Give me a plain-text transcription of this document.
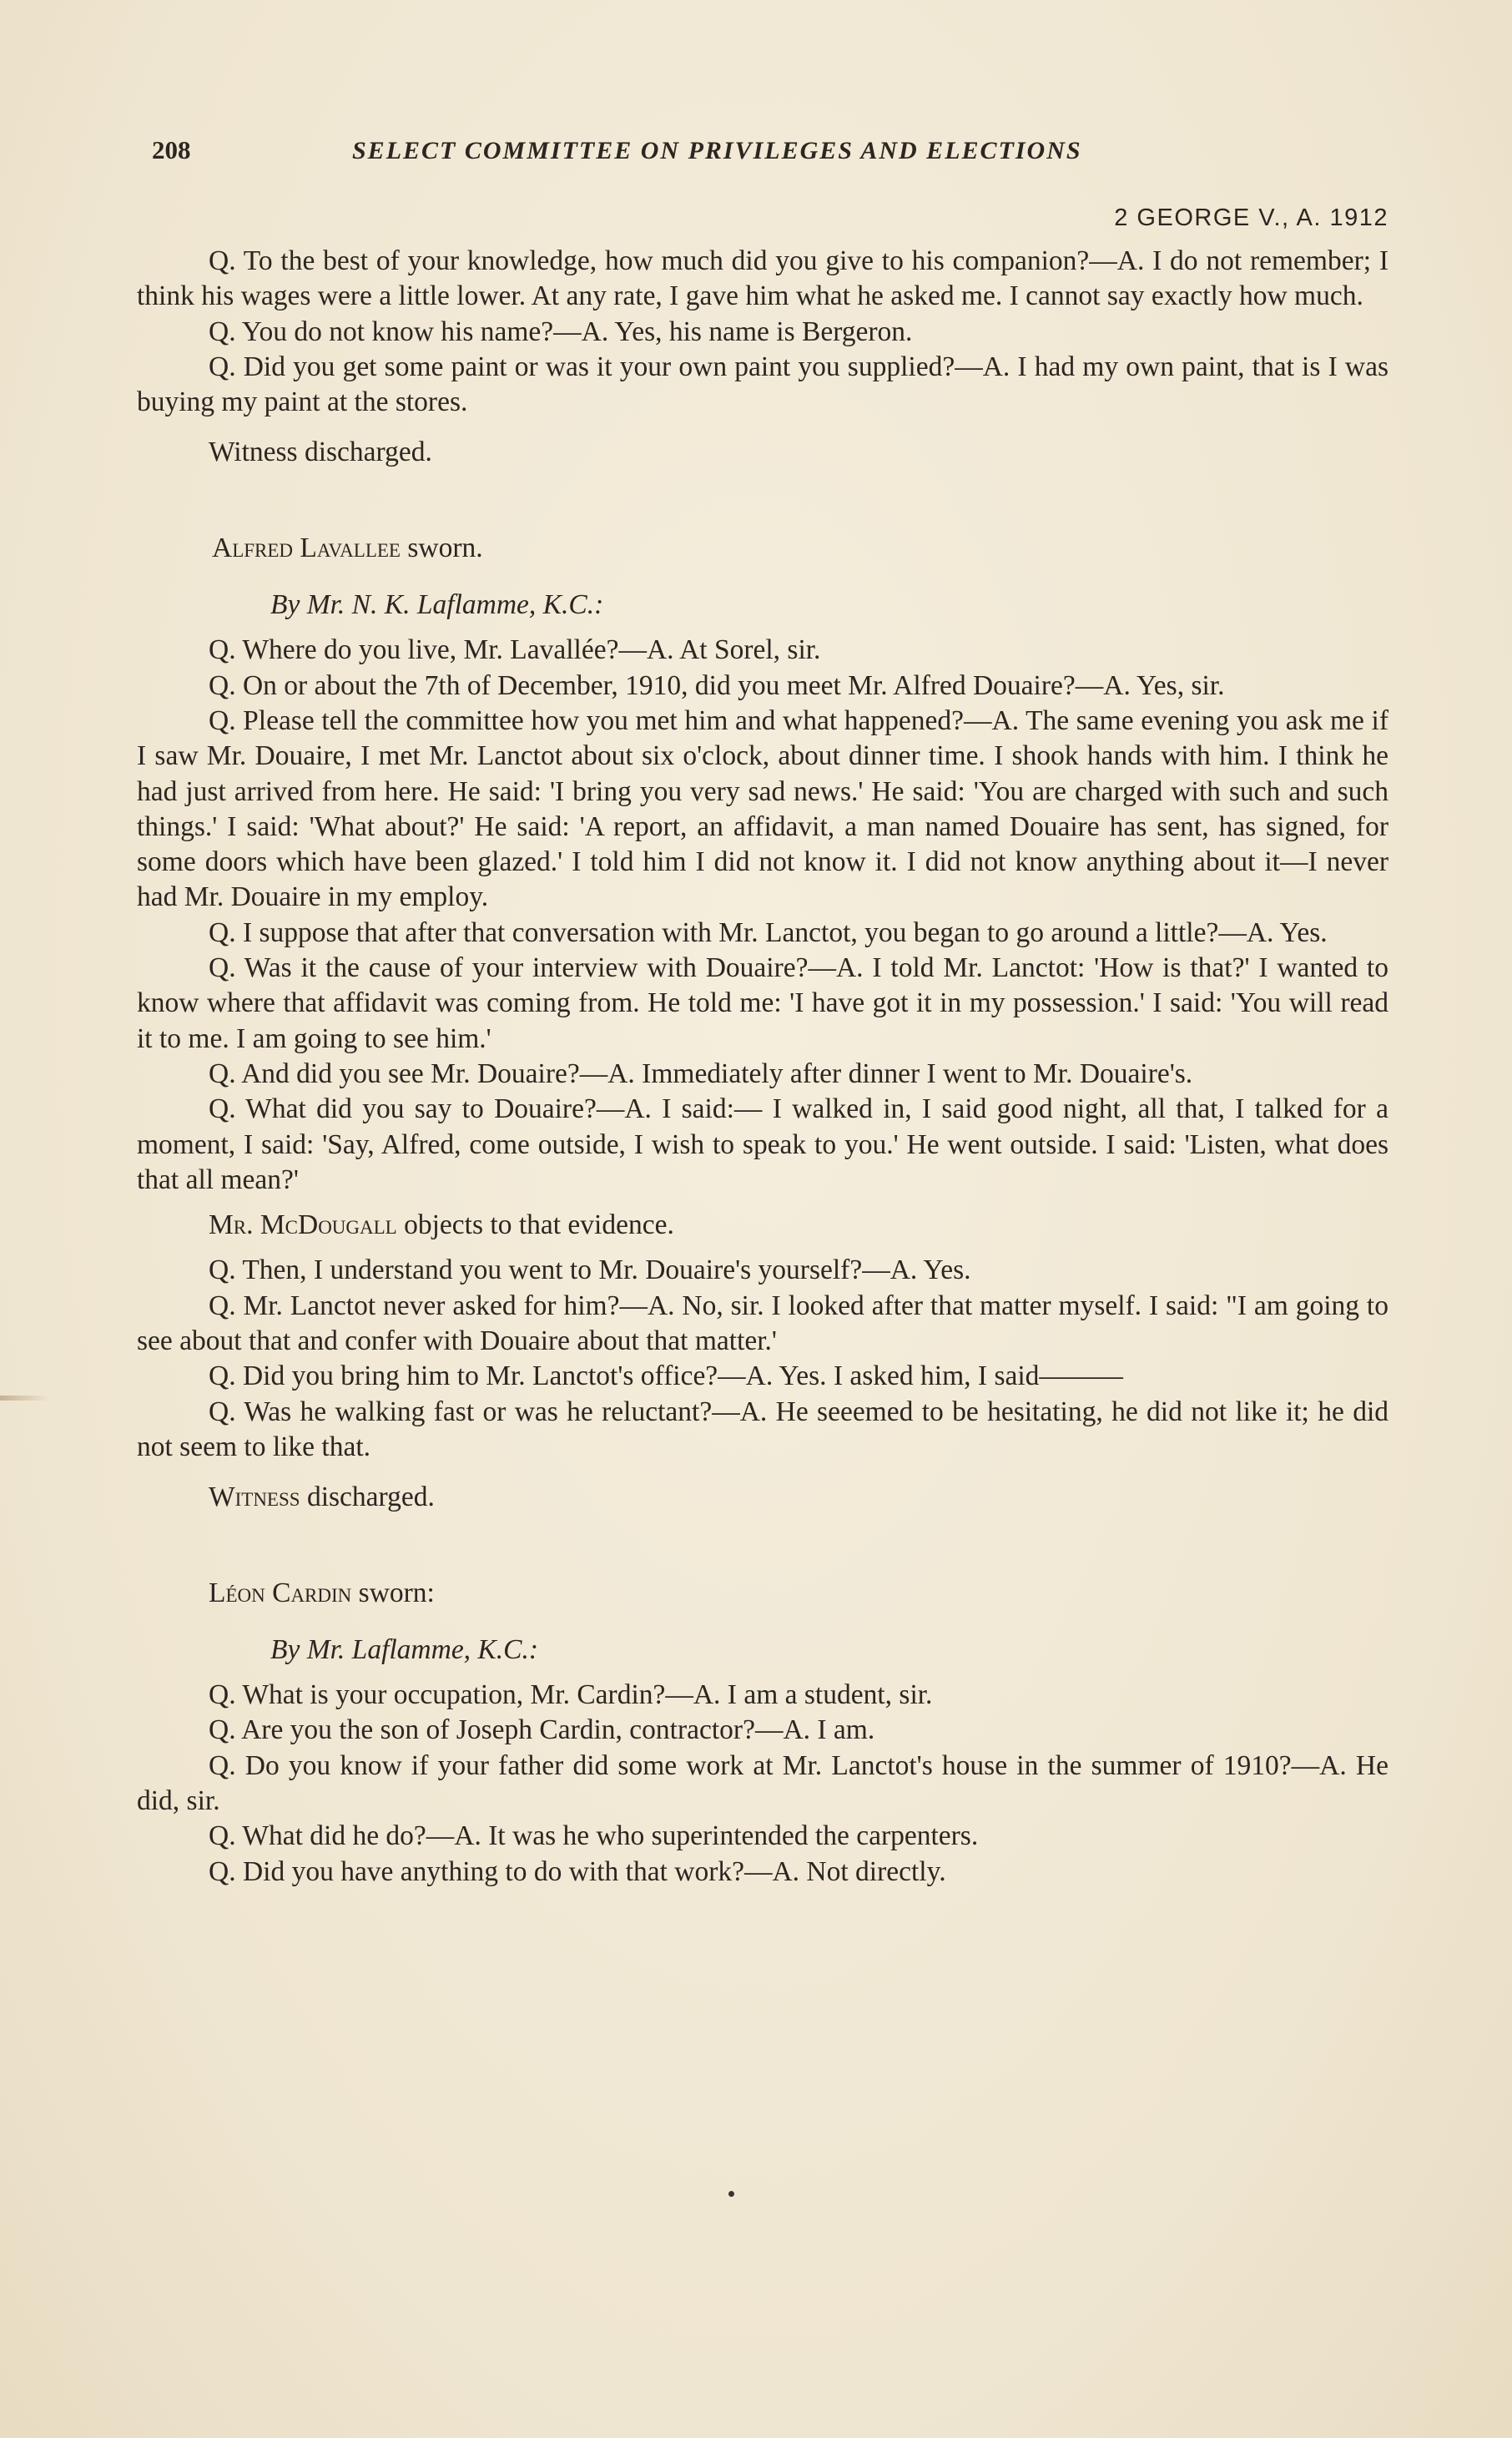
208	SELECT COMMITTEE ON PRIVILEGES AND ELECTIONS
2 GEORGE V., A. 1912

Q. To the best of your knowledge, how much did you give to his companion?—A. I do not remember; I think his wages were a little lower. At any rate, I gave him what he asked me. I cannot say exactly how much.

Q. You do not know his name?—A. Yes, his name is Bergeron.

Q. Did you get some paint or was it your own paint you supplied?—A. I had my own paint, that is I was buying my paint at the stores.

Witness discharged.

Alfred Lavallee sworn.

By Mr. N. K. Laflamme, K.C.:

Q. Where do you live, Mr. Lavallée?—A. At Sorel, sir.

Q. On or about the 7th of December, 1910, did you meet Mr. Alfred Douaire?—A. Yes, sir.

Q. Please tell the committee how you met him and what happened?—A. The same evening you ask me if I saw Mr. Douaire, I met Mr. Lanctot about six o'clock, about dinner time. I shook hands with him. I think he had just arrived from here. He said: 'I bring you very sad news.' He said: 'You are charged with such and such things.' I said: 'What about?' He said: 'A report, an affidavit, a man named Douaire has sent, has signed, for some doors which have been glazed.' I told him I did not know it. I did not know anything about it—I never had Mr. Douaire in my employ.

Q. I suppose that after that conversation with Mr. Lanctot, you began to go around a little?—A. Yes.

Q. Was it the cause of your interview with Douaire?—A. I told Mr. Lanctot: 'How is that?' I wanted to know where that affidavit was coming from. He told me: 'I have got it in my possession.' I said: 'You will read it to me. I am going to see him.'

Q. And did you see Mr. Douaire?—A. Immediately after dinner I went to Mr. Douaire's.

Q. What did you say to Douaire?—A. I said:— I walked in, I said good night, all that, I talked for a moment, I said: 'Say, Alfred, come outside, I wish to speak to you.' He went outside. I said: 'Listen, what does that all mean?'

Mr. McDougall objects to that evidence.

Q. Then, I understand you went to Mr. Douaire's yourself?—A. Yes.

Q. Mr. Lanctot never asked for him?—A. No, sir. I looked after that matter myself. I said: "I am going to see about that and confer with Douaire about that matter.'

Q. Did you bring him to Mr. Lanctot's office?—A. Yes. I asked him, I said———

Q. Was he walking fast or was he reluctant?—A. He seeemed to be hesitating, he did not like it; he did not seem to like that.

Witness discharged.

Léon Cardin sworn:

By Mr. Laflamme, K.C.:

Q. What is your occupation, Mr. Cardin?—A. I am a student, sir.

Q. Are you the son of Joseph Cardin, contractor?—A. I am.

Q. Do you know if your father did some work at Mr. Lanctot's house in the summer of 1910?—A. He did, sir.

Q. What did he do?—A. It was he who superintended the carpenters.

Q. Did you have anything to do with that work?—A. Not directly.
